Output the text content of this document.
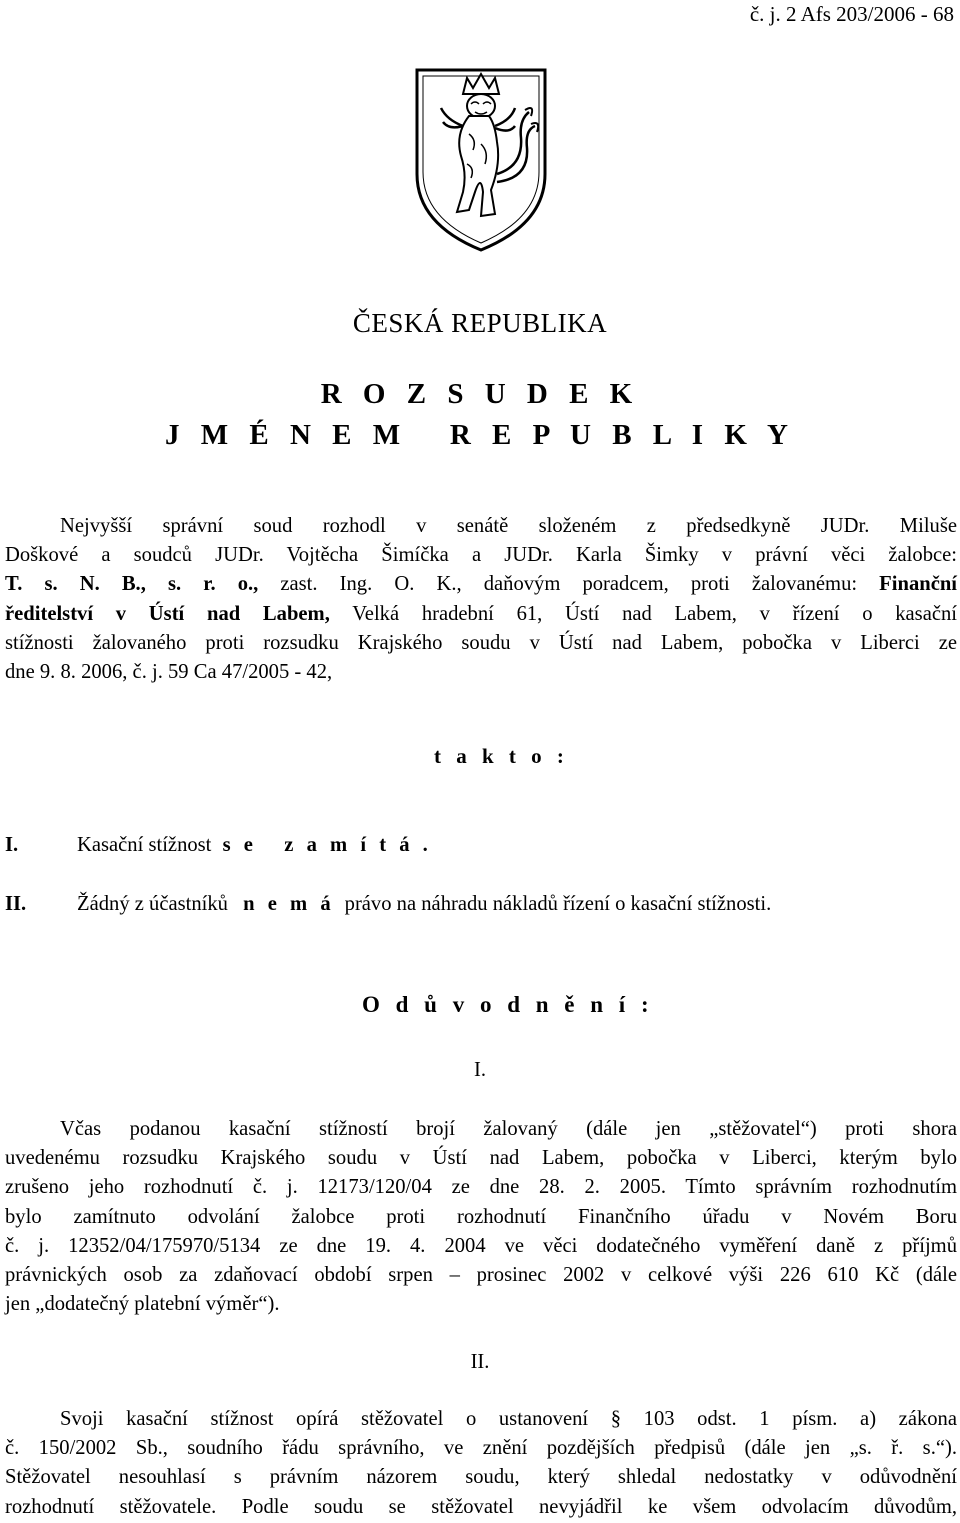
č. j. 2 Afs 203/2006 - 68
ČESKÁ REPUBLIKA
R O Z S U D E K
J M É N E M   R E P U B L I K Y
Nejvyšší správní soud rozhodl v senátě složeném z předsedkyně JUDr. Miluše
Doškové a soudců JUDr. Vojtěcha Šimíčka a JUDr. Karla Šimky v právní věci žalobce:
T. s. N. B., s. r. o., zast. Ing. O. K., daňovým poradcem, proti žalovanému: Finanční
ředitelství v Ústí nad Labem, Velká hradební 61, Ústí nad Labem, v řízení o kasační
stížnosti žalovaného proti rozsudku Krajského soudu v Ústí nad Labem, pobočka v Liberci ze
dne 9. 8. 2006, č. j. 59 Ca 47/2005 - 42,
t a k t o :
I.	Kasační stížnost s e   z a m í t á .
II. Žádný z účastníků n e m á právo na náhradu nákladů řízení o kasační stížnosti.
O d ů v o d n ě n í :
I.
Včas podanou kasační stížností brojí žalovaný (dále jen „stěžovatel“) proti shora
uvedenému rozsudku Krajského soudu v Ústí nad Labem, pobočka v Liberci, kterým bylo
zrušeno jeho rozhodnutí č. j. 12173/120/04 ze dne 28. 2. 2005. Tímto správním rozhodnutím
bylo zamítnuto odvolání žalobce proti rozhodnutí Finančního úřadu v Novém Boru
č. j. 12352/04/175970/5134 ze dne 19. 4. 2004 ve věci dodatečného vyměření daně z příjmů
právnických osob za zdaňovací období srpen – prosinec 2002 v celkové výši 226 610 Kč (dále
jen „dodatečný platební výměr“).
II.
Svoji kasační stížnost opírá stěžovatel o ustanovení § 103 odst. 1 písm. a) zákona
č. 150/2002 Sb., soudního řádu správního, ve znění pozdějších předpisů (dále jen „s. ř. s.“).
Stěžovatel nesouhlasí s právním názorem soudu, který shledal nedostatky v odůvodnění
rozhodnutí stěžovatele. Podle soudu se stěžovatel nevyjádřil ke všem odvolacím důvodům,
